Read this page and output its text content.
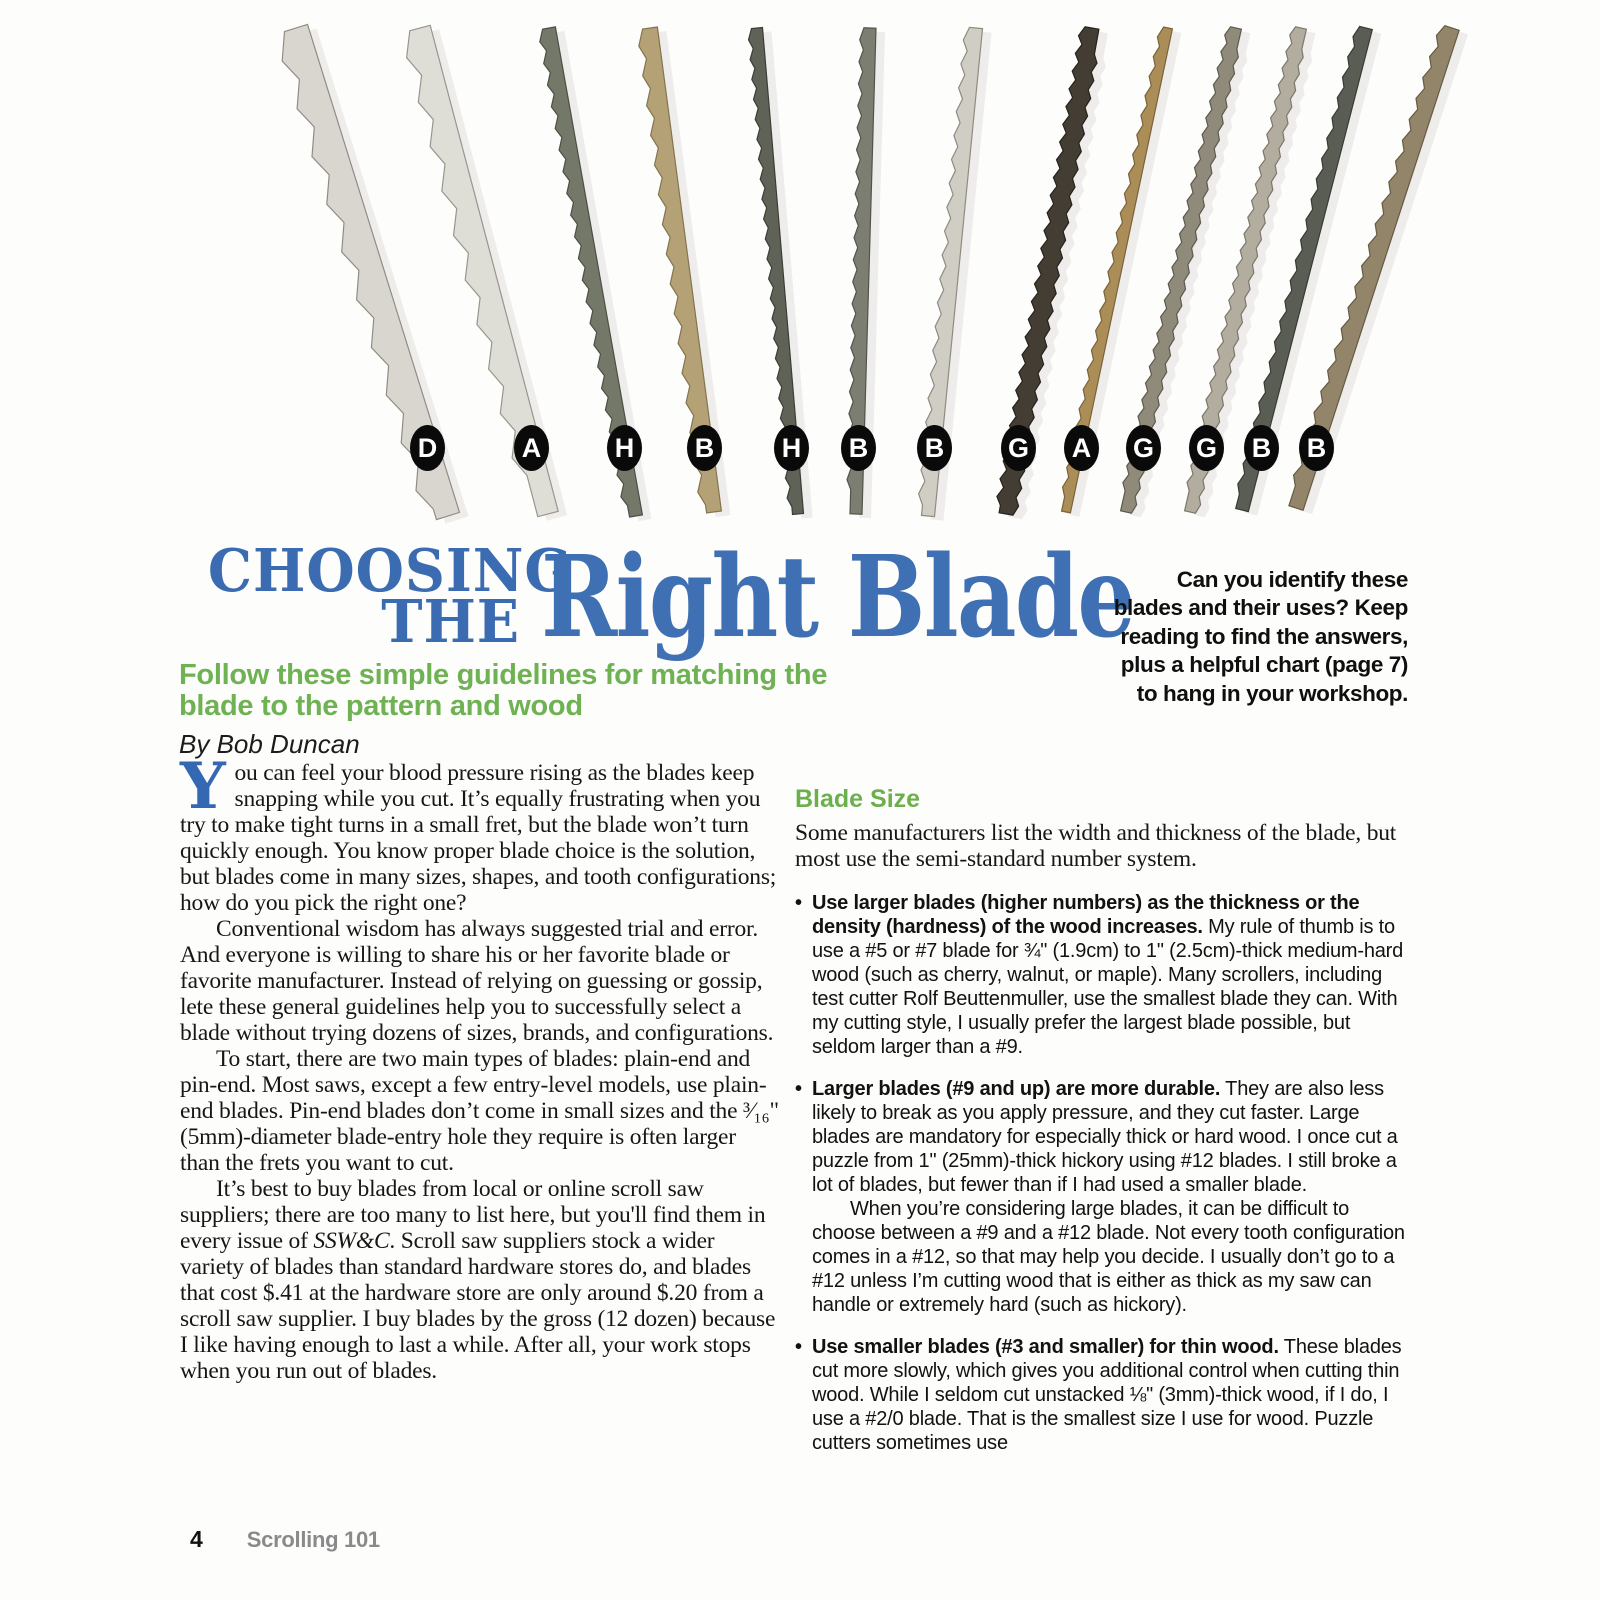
D	A	H B	H B B G A G G B B
CHOOSING
THE Right Blade
Follow these simple guidelines for matching the blade to the pattern and wood
By Bob Duncan
Can you identify these
blades and their uses? Keep
reading to find the answers,
plus a helpful chart (page 7)
to hang in your workshop.

You can feel your blood pressure rising as the blades keep snapping while you cut. It’s equally frustrating when you try to make tight turns in a small fret, but the blade won’t turn quickly enough. You know proper blade choice is the solution, but blades come in many sizes, shapes, and tooth configurations; how do you pick the right one?

Conventional wisdom has always suggested trial and error. And everyone is willing to share his or her favorite blade or favorite manufacturer. Instead of relying on guessing or gossip, lete these general guidelines help you to successfully select a blade without trying dozens of sizes, brands, and configurations.

To start, there are two main types of blades: plain-end and pin-end. Most saws, except a few entry-level models, use plain-end blades. Pin-end blades don’t come in small sizes and the ³⁄₁₆" (5mm)-diameter blade-entry hole they require is often larger than the frets you want to cut.

It’s best to buy blades from local or online scroll saw suppliers; there are too many to list here, but you'll find them in every issue of SSW&C. Scroll saw suppliers stock a wider variety of blades than standard hardware stores do, and blades that cost $.41 at the hardware store are only around $.20 from a scroll saw supplier. I buy blades by the gross (12 dozen) because I like having enough to last a while. After all, your work stops when you run out of blades.

Blade Size
Some manufacturers list the width and thickness of the blade, but most use the semi-standard number system.
• Use larger blades (higher numbers) as the thickness or the density (hardness) of the wood increases. My rule of thumb is to use a #5 or #7 blade for ¾" (1.9cm) to 1" (2.5cm)-thick medium-hard wood (such as cherry, walnut, or maple). Many scrollers, including test cutter Rolf Beuttenmuller, use the smallest blade they can. With my cutting style, I usually prefer the largest blade possible, but seldom larger than a #9.
• Larger blades (#9 and up) are more durable. They are also less likely to break as you apply pressure, and they cut faster. Large blades are mandatory for especially thick or hard wood. I once cut a puzzle from 1" (25mm)-thick hickory using #12 blades. I still broke a lot of blades, but fewer than if I had used a smaller blade.
When you’re considering large blades, it can be difficult to choose between a #9 and a #12 blade. Not every tooth configuration comes in a #12, so that may help you decide. I usually don’t go to a #12 unless I’m cutting wood that is either as thick as my saw can handle or extremely hard (such as hickory).
• Use smaller blades (#3 and smaller) for thin wood. These blades cut more slowly, which gives you additional control when cutting thin wood. While I seldom cut unstacked ⅛" (3mm)-thick wood, if I do, I use a #2/0 blade. That is the smallest size I use for wood. Puzzle cutters sometimes use
4 Scrolling 101
